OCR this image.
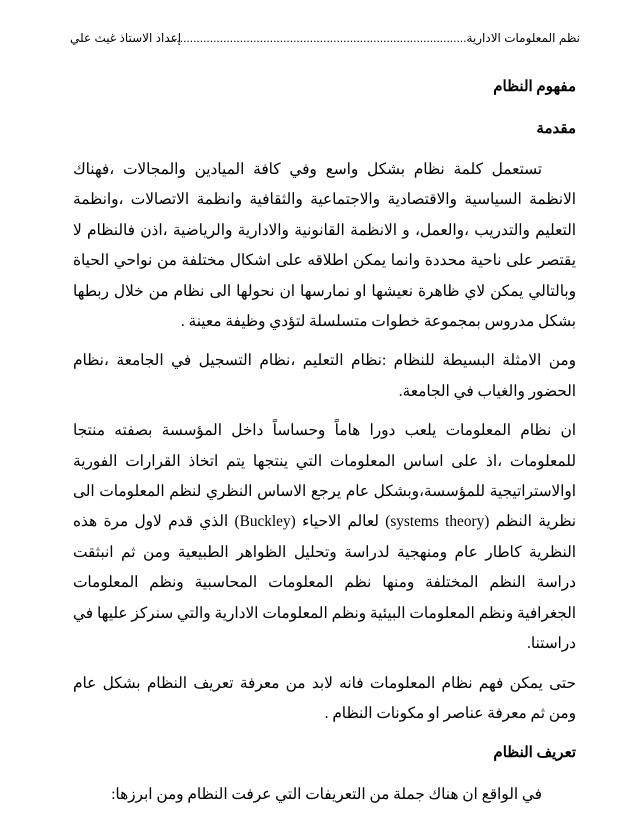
نظم المعلومات الادارية..........................................................................................
إعداد الاستاذ غيث علي
مفهوم النظام
مقدمة

تستعمل كلمة نظام بشكل واسع وفي كافة الميادين والمجالات ،فهناك الانظمة السياسية والاقتصادية والاجتماعية والثقافية وانظمة الاتصالات ،وانظمة التعليم والتدريب ،والعمل، و الانظمة القانونية والادارية والرياضية ،اذن فالنظام لا يقتصر على ناحية محددة وانما يمكن اطلاقه على اشكال مختلفة من نواحي الحياة وبالتالي يمكن لاي ظاهرة نعيشها او نمارسها ان نحولها الى نظام من خلال ربطها بشكل مدروس بمجموعة خطوات متسلسلة لتؤدي وظيفة معينة .

ومن الامثلة البسيطة للنظام :نظام التعليم ،نظام التسجيل في الجامعة ،نظام الحضور والغياب في الجامعة.

ان نظام المعلومات يلعب دورا هاماً وحساساً داخل المؤسسة بصفته منتجا للمعلومات ،اذ على اساس المعلومات التي ينتجها يتم اتخاذ القرارات الفورية اوالاستراتيجية للمؤسسة،وبشكل عام يرجع الاساس النظري لنظم المعلومات الى نظرية النظم (systems theory) لعالم الاحياء (Buckley) الذي قدم لاول مرة هذه النظرية كاطار عام ومنهجية لدراسة وتحليل الظواهر الطبيعية ومن ثم انبثقت دراسة النظم المختلفة ومنها نظم المعلومات المحاسبية ونظم المعلومات الجغرافية ونظم المعلومات البيئية ونظم المعلومات الادارية والتي سنركز عليها في دراستنا.

حتى يمكن فهم نظام المعلومات فانه لابد من معرفة تعريف النظام بشكل عام ومن ثم معرفة عناصر او مكونات النظام .

تعريف النظام

في الواقع ان هناك جملة من التعريفات التي عرفت النظام ومن ابرزها:
